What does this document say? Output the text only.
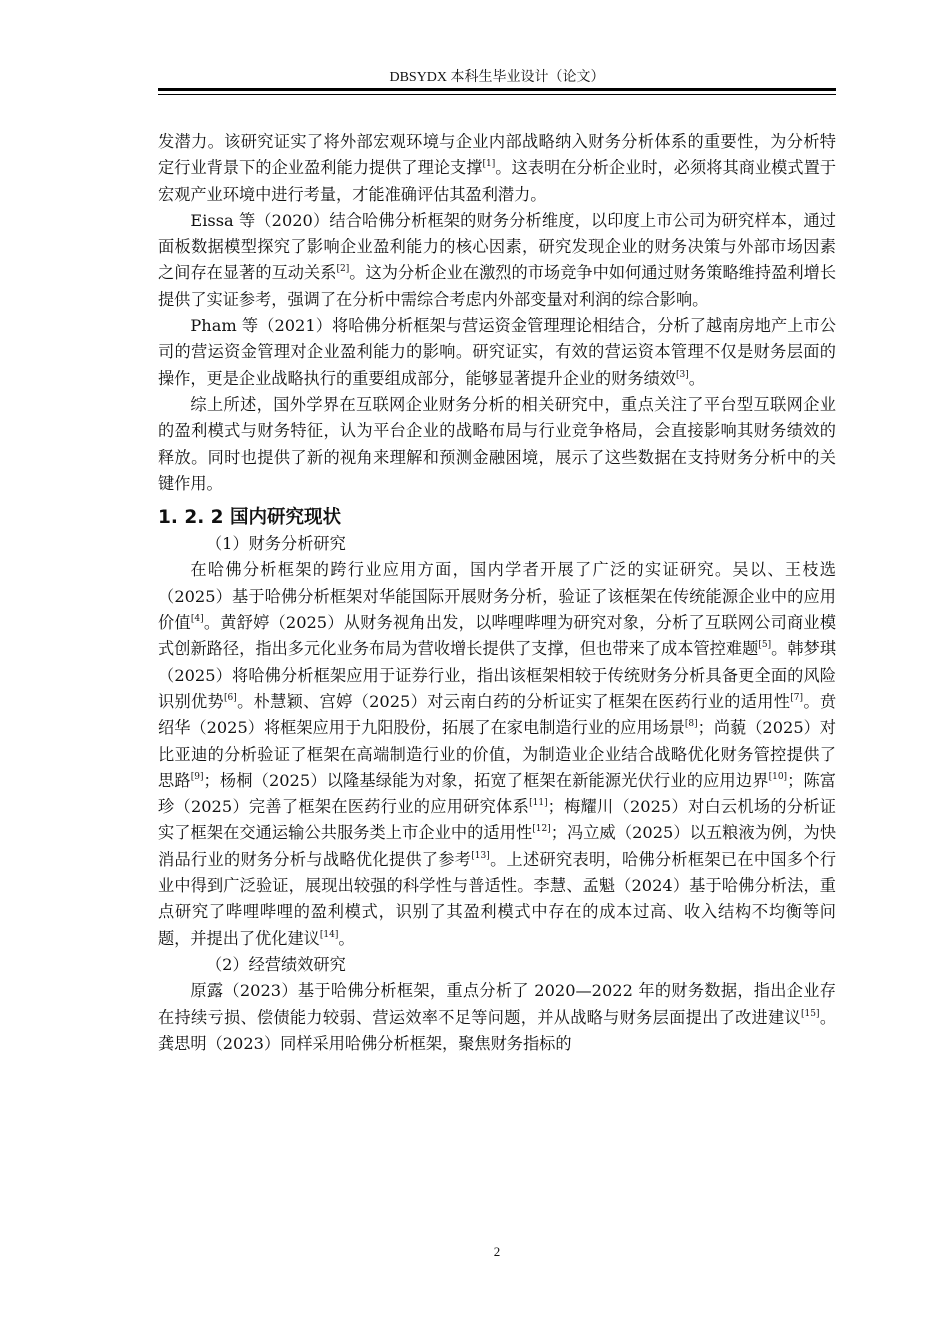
DBSYDX 本科生毕业设计（论文）

发潜力。该研究证实了将外部宏观环境与企业内部战略纳入财务分析体系的重要性，为分析特定行业背景下的企业盈利能力提供了理论支撑[1]。这表明在分析企业时，必须将其商业模式置于宏观产业环境中进行考量，才能准确评估其盈利潜力。

Eissa 等（2020）结合哈佛分析框架的财务分析维度，以印度上市公司为研究样本，通过面板数据模型探究了影响企业盈利能力的核心因素，研究发现企业的财务决策与外部市场因素之间存在显著的互动关系[2]。这为分析企业在激烈的市场竞争中如何通过财务策略维持盈利增长提供了实证参考，强调了在分析中需综合考虑内外部变量对利润的综合影响。

Pham 等（2021）将哈佛分析框架与营运资金管理理论相结合，分析了越南房地产上市公司的营运资金管理对企业盈利能力的影响。研究证实，有效的营运资本管理不仅是财务层面的操作，更是企业战略执行的重要组成部分，能够显著提升企业的财务绩效[3]。

综上所述，国外学界在互联网企业财务分析的相关研究中，重点关注了平台型互联网企业的盈利模式与财务特征，认为平台企业的战略布局与行业竞争格局，会直接影响其财务绩效的释放。同时也提供了新的视角来理解和预测金融困境，展示了这些数据在支持财务分析中的关键作用。

1. 2. 2 国内研究现状

（1）财务分析研究

在哈佛分析框架的跨行业应用方面，国内学者开展了广泛的实证研究。吴以、王枝选（2025）基于哈佛分析框架对华能国际开展财务分析，验证了该框架在传统能源企业中的应用价值[4]。黄舒婷（2025）从财务视角出发，以哔哩哔哩为研究对象，分析了互联网公司商业模式创新路径，指出多元化业务布局为营收增长提供了支撑，但也带来了成本管控难题[5]。韩梦琪（2025）将哈佛分析框架应用于证券行业，指出该框架相较于传统财务分析具备更全面的风险识别优势[6]。朴慧颖、宫婷（2025）对云南白药的分析证实了框架在医药行业的适用性[7]。贲绍华（2025）将框架应用于九阳股份，拓展了在家电制造行业的应用场景[8]；尚藐（2025）对比亚迪的分析验证了框架在高端制造行业的价值，为制造业企业结合战略优化财务管控提供了思路[9]；杨桐（2025）以隆基绿能为对象，拓宽了框架在新能源光伏行业的应用边界[10]；陈富珍（2025）完善了框架在医药行业的应用研究体系[11]；梅耀川（2025）对白云机场的分析证实了框架在交通运输公共服务类上市企业中的适用性[12]；冯立威（2025）以五粮液为例，为快消品行业的财务分析与战略优化提供了参考[13]。上述研究表明，哈佛分析框架已在中国多个行业中得到广泛验证，展现出较强的科学性与普适性。李慧、孟魁（2024）基于哈佛分析法，重点研究了哔哩哔哩的盈利模式，识别了其盈利模式中存在的成本过高、收入结构不均衡等问题，并提出了优化建议[14]。

（2）经营绩效研究

原露（2023）基于哈佛分析框架，重点分析了 2020—2022 年的财务数据，指出企业存在持续亏损、偿债能力较弱、营运效率不足等问题，并从战略与财务层面提出了改进建议[15]。龚思明（2023）同样采用哈佛分析框架，聚焦财务指标的

2
